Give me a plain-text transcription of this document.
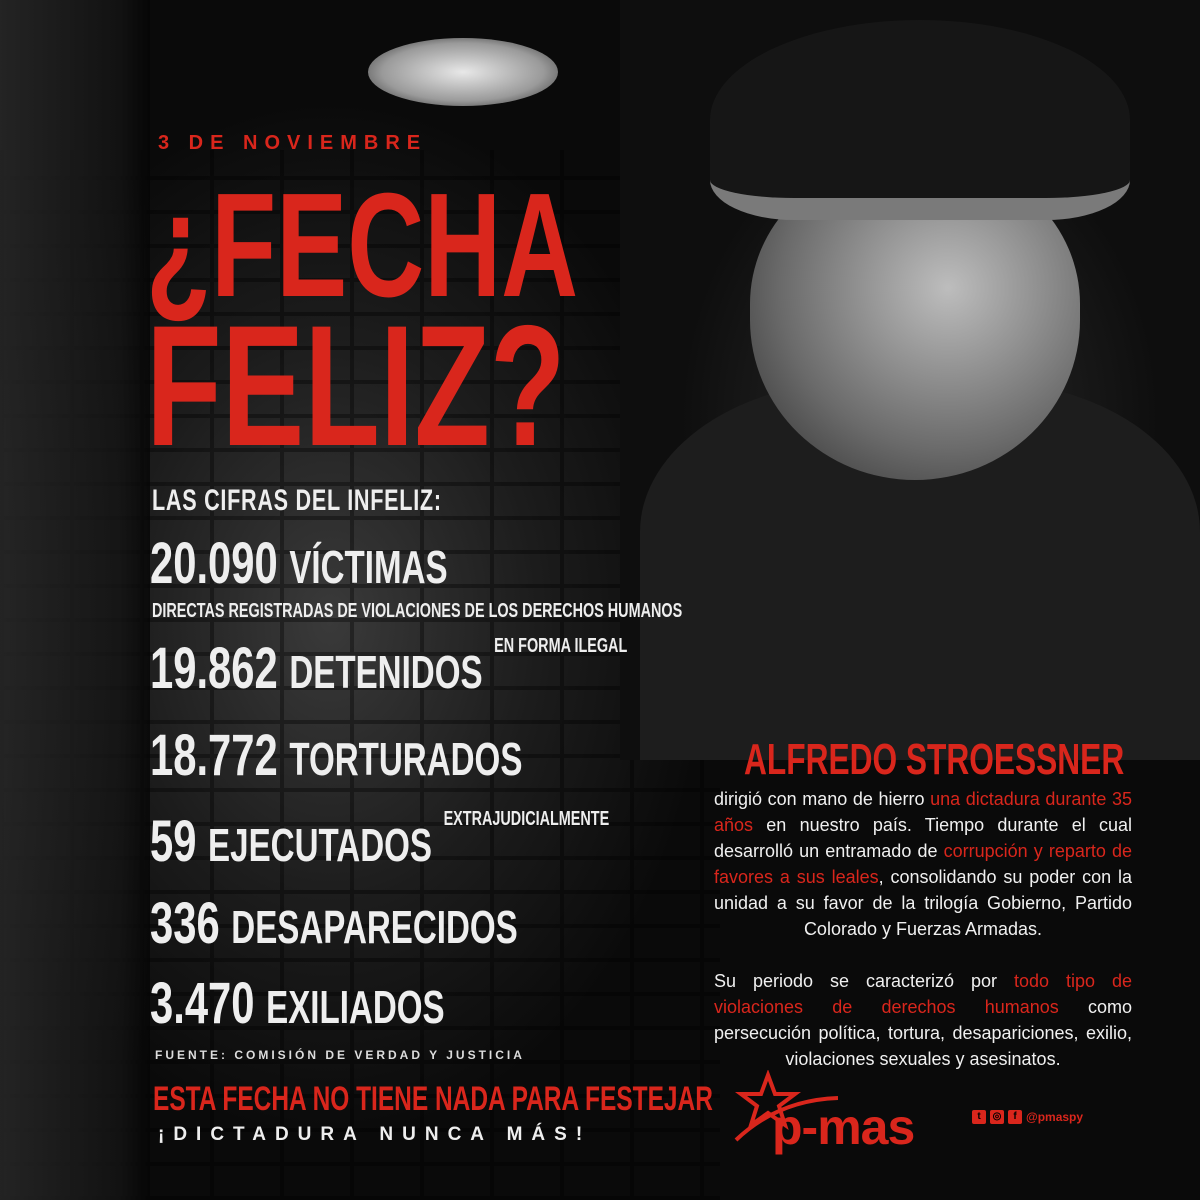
3 DE NOVIEMBRE
¿FECHA
FELIZ?
LAS CIFRAS DEL INFELIZ:
20.090 VÍCTIMAS
DIRECTAS REGISTRADAS DE VIOLACIONES DE LOS DERECHOS HUMANOS
19.862 DETENIDOS $^{EN FORMA ILEGAL}$
18.772 TORTURADOS
59 EJECUTADOS $^{EXTRAJUDICIALMENTE}$
336 DESAPARECIDOS
3.470 EXILIADOS
FUENTE: COMISIÓN DE VERDAD Y JUSTICIA
ESTA FECHA NO TIENE NADA PARA FESTEJAR
¡DICTADURA NUNCA MÁS!
ALFREDO STROESSNER
dirigió con mano de hierro una dictadura durante 35 años en nuestro país. Tiempo durante el cual desarrolló un entramado de corrupción y reparto de favores a sus leales, consolidando su poder con la unidad a su favor de la trilogía Gobierno, Partido Colorado y Fuerzas Armadas.
Su periodo se caracterizó por todo tipo de violaciones de derechos humanos como persecución política, tortura, desapariciones, exilio, violaciones sexuales y asesinatos.
p-mas	t	◎	f @pmaspy
